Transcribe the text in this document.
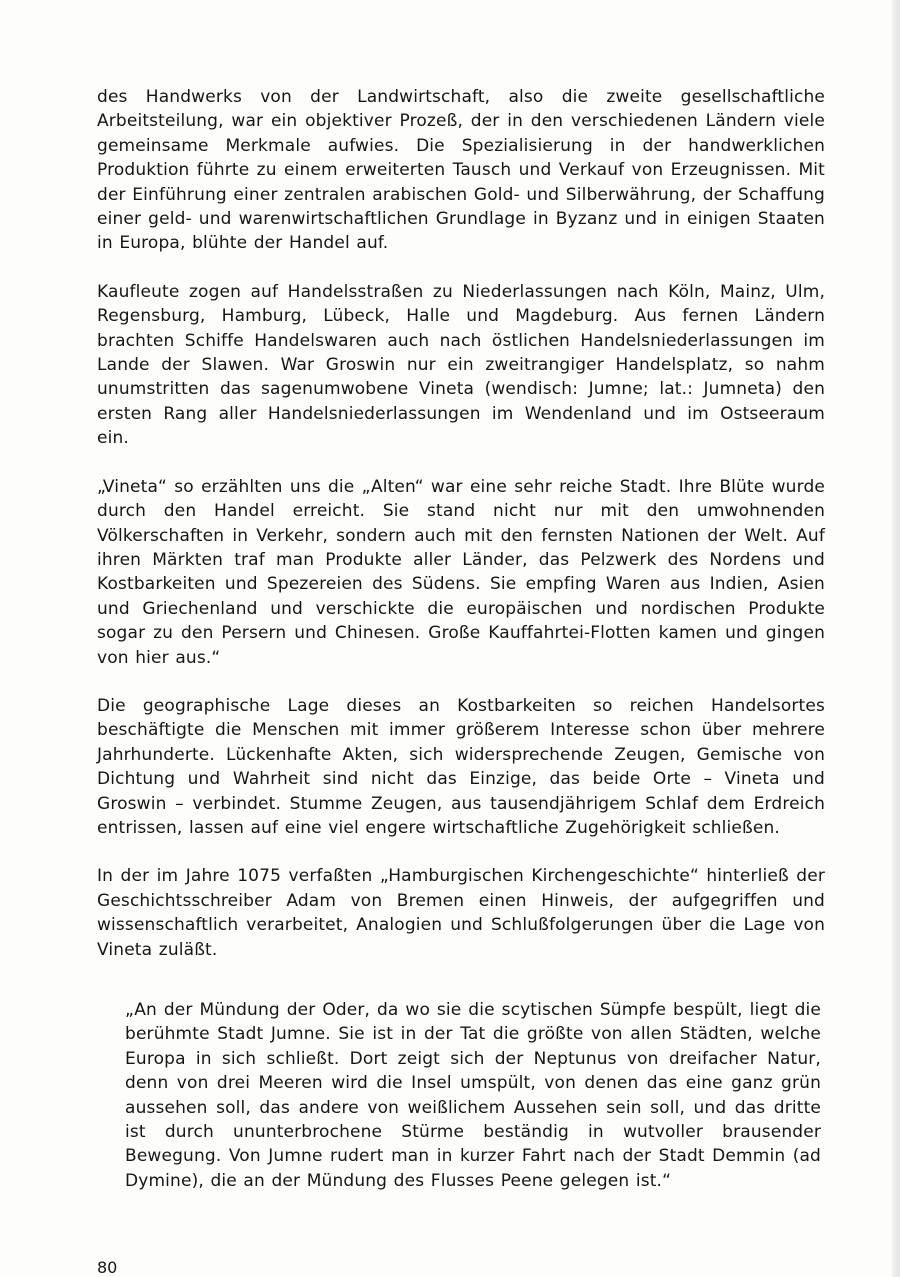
des Handwerks von der Landwirtschaft, also die zweite gesellschaftliche Arbeitsteilung, war ein objektiver Prozeß, der in den verschiedenen Ländern viele gemeinsame Merkmale aufwies. Die Spezialisierung in der handwerklichen Produktion führte zu einem erweiterten Tausch und Verkauf von Erzeugnissen. Mit der Einführung einer zentralen arabischen Gold- und Silberwährung, der Schaffung einer geld- und warenwirtschaftlichen Grundlage in Byzanz und in einigen Staaten in Europa, blühte der Handel auf.

Kaufleute zogen auf Handelsstraßen zu Niederlassungen nach Köln, Mainz, Ulm, Regensburg, Hamburg, Lübeck, Halle und Magdeburg. Aus fernen Ländern brachten Schiffe Handelswaren auch nach östlichen Handelsniederlassungen im Lande der Slawen. War Groswin nur ein zweitrangiger Handelsplatz, so nahm unumstritten das sagenumwobene Vineta (wendisch: Jumne; lat.: Jumneta) den ersten Rang aller Handelsniederlassungen im Wendenland und im Ostseeraum ein.

„Vineta“ so erzählten uns die „Alten“ war eine sehr reiche Stadt. Ihre Blüte wurde durch den Handel erreicht. Sie stand nicht nur mit den umwohnenden Völkerschaften in Verkehr, sondern auch mit den fernsten Nationen der Welt. Auf ihren Märkten traf man Produkte aller Länder, das Pelzwerk des Nordens und Kostbarkeiten und Spezereien des Südens. Sie empfing Waren aus Indien, Asien und Griechenland und verschickte die europäischen und nordischen Produkte sogar zu den Persern und Chinesen. Große Kauffahrtei-Flotten kamen und gingen von hier aus.“

Die geographische Lage dieses an Kostbarkeiten so reichen Handelsortes beschäftigte die Menschen mit immer größerem Interesse schon über mehrere Jahrhunderte. Lückenhafte Akten, sich widersprechende Zeugen, Gemische von Dichtung und Wahrheit sind nicht das Einzige, das beide Orte – Vineta und Groswin – verbindet. Stumme Zeugen, aus tausendjährigem Schlaf dem Erdreich entrissen, lassen auf eine viel engere wirtschaftliche Zugehörigkeit schließen.

In der im Jahre 1075 verfaßten „Hamburgischen Kirchengeschichte“ hinterließ der Geschichtsschreiber Adam von Bremen einen Hinweis, der aufgegriffen und wissenschaftlich verarbeitet, Analogien und Schlußfolgerungen über die Lage von Vineta zuläßt.

„An der Mündung der Oder, da wo sie die scytischen Sümpfe bespült, liegt die berühmte Stadt Jumne. Sie ist in der Tat die größte von allen Städten, welche Europa in sich schließt. Dort zeigt sich der Neptunus von dreifacher Natur, denn von drei Meeren wird die Insel umspült, von denen das eine ganz grün aussehen soll, das andere von weißlichem Aussehen sein soll, und das dritte ist durch ununterbrochene Stürme beständig in wutvoller brausender Bewegung. Von Jumne rudert man in kurzer Fahrt nach der Stadt Demmin (ad Dymine), die an der Mündung des Flusses Peene gelegen ist.“

80
